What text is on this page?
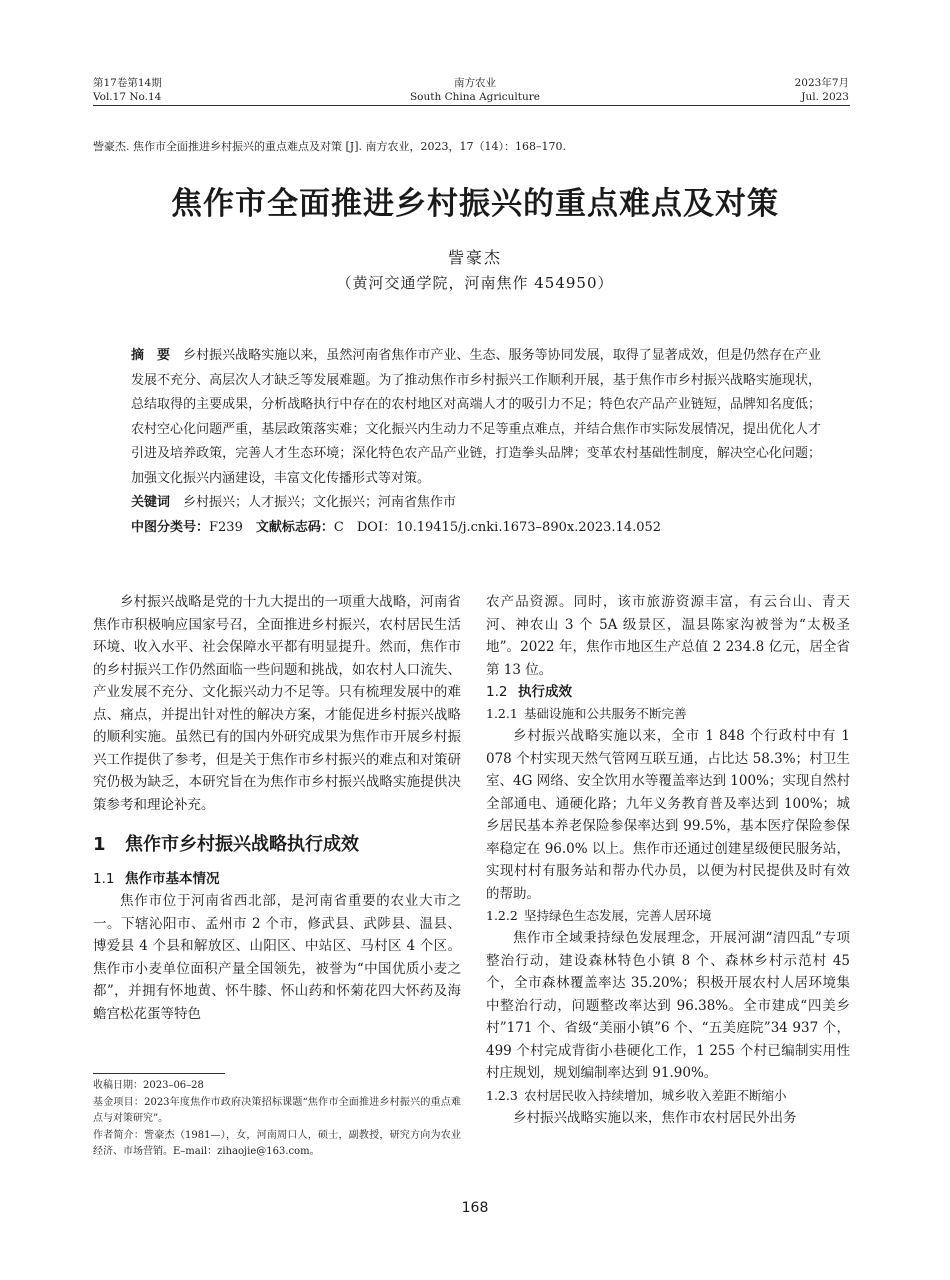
第17卷第14期
Vol.17 No.14
南方农业
South China Agriculture
2023年7月
Jul. 2023
訾豪杰. 焦作市全面推进乡村振兴的重点难点及对策 [J]. 南方农业，2023，17（14）：168–170.
焦作市全面推进乡村振兴的重点难点及对策
訾豪杰
（黄河交通学院，河南焦作 454950）

摘　要　 乡村振兴战略实施以来，虽然河南省焦作市产业、生态、服务等协同发展，取得了显著成效，但是仍然存在产业发展不充分、高层次人才缺乏等发展难题。为了推动焦作市乡村振兴工作顺利开展，基于焦作市乡村振兴战略实施现状，总结取得的主要成果，分析战略执行中存在的农村地区对高端人才的吸引力不足；特色农产品产业链短，品牌知名度低；农村空心化问题严重，基层政策落实难；文化振兴内生动力不足等重点难点，并结合焦作市实际发展情况，提出优化人才引进及培养政策，完善人才生态环境；深化特色农产品产业链，打造拳头品牌；变革农村基础性制度，解决空心化问题；加强文化振兴内涵建设，丰富文化传播形式等对策。

关键词　 乡村振兴；人才振兴；文化振兴；河南省焦作市

中图分类号：F239　 文献标志码：C　 DOI：10.19415/j.cnki.1673–890x.2023.14.052

乡村振兴战略是党的十九大提出的一项重大战略，河南省焦作市积极响应国家号召，全面推进乡村振兴，农村居民生活环境、收入水平、社会保障水平都有明显提升。然而，焦作市的乡村振兴工作仍然面临一些问题和挑战，如农村人口流失、产业发展不充分、文化振兴动力不足等。只有梳理发展中的难点、痛点，并提出针对性的解决方案，才能促进乡村振兴战略的顺利实施。虽然已有的国内外研究成果为焦作市开展乡村振兴工作提供了参考，但是关于焦作市乡村振兴的难点和对策研究仍极为缺乏，本研究旨在为焦作市乡村振兴战略实施提供决策参考和理论补充。

1 焦作市乡村振兴战略执行成效
1.1 焦作市基本情况

焦作市位于河南省西北部，是河南省重要的农业大市之一。下辖沁阳市、孟州市 2 个市，修武县、武陟县、温县、博爱县 4 个县和解放区、山阳区、中站区、马村区 4 个区。焦作市小麦单位面积产量全国领先，被誉为“中国优质小麦之都”，并拥有怀地黄、怀牛膝、怀山药和怀菊花四大怀药及海蟾宫松花蛋等特色

农产品资源。同时，该市旅游资源丰富，有云台山、青天河、神农山 3 个 5A 级景区，温县陈家沟被誉为“太极圣地”。2022 年，焦作市地区生产总值 2 234.8 亿元，居全省第 13 位。

1.2 执行成效
1.2.1 基础设施和公共服务不断完善

乡村振兴战略实施以来，全市 1 848 个行政村中有 1 078 个村实现天然气管网互联互通，占比达 58.3%；村卫生室、4G 网络、安全饮用水等覆盖率达到 100%；实现自然村全部通电、通硬化路；九年义务教育普及率达到 100%；城乡居民基本养老保险参保率达到 99.5%，基本医疗保险参保率稳定在 96.0% 以上。焦作市还通过创建星级便民服务站，实现村村有服务站和帮办代办员，以便为村民提供及时有效的帮助。

1.2.2 坚持绿色生态发展，完善人居环境

焦作市全域秉持绿色发展理念，开展河湖“清四乱”专项整治行动，建设森林特色小镇 8 个、森林乡村示范村 45 个，全市森林覆盖率达 35.20%；积极开展农村人居环境集中整治行动，问题整改率达到 96.38%。全市建成“四美乡村”171 个、省级“美丽小镇”6 个、“五美庭院”34 937 个，499 个村完成背街小巷硬化工作，1 255 个村已编制实用性村庄规划，规划编制率达到 91.90%。

1.2.3 农村居民收入持续增加，城乡收入差距不断缩小

乡村振兴战略实施以来，焦作市农村居民外出务

收稿日期：2023–06–28
基金项目：2023年度焦作市政府决策招标课题“焦作市全面推进乡村振兴的重点难点与对策研究”。
作者简介：訾豪杰（1981—），女，河南周口人，硕士，副教授，研究方向为农业经济、市场营销。E–mail：zihaojie@163.com。
168
